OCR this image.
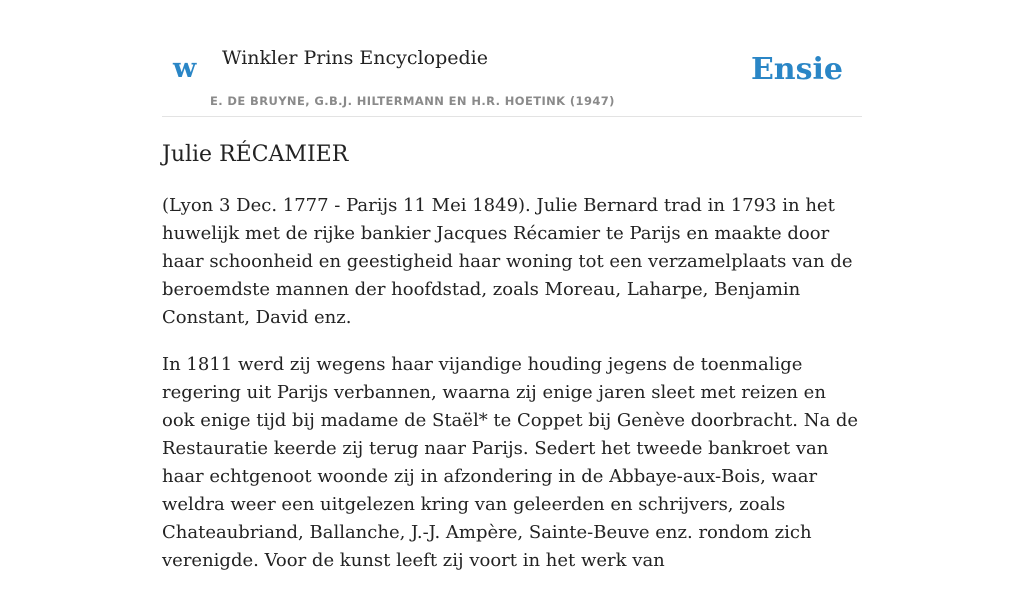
w Winkler Prins Encyclopedie
E. DE BRUYNE, G.B.J. HILTERMANN EN H.R. HOETINK (1947)
Ensie
Julie RÉCAMIER

(Lyon 3 Dec. 1777 - Parijs 11 Mei 1849). Julie Bernard trad in 1793 in het huwelijk met de rijke bankier Jacques Récamier te Parijs en maakte door haar schoonheid en geestigheid haar woning tot een verzamelplaats van de beroemdste mannen der hoofdstad, zoals Moreau, Laharpe, Benjamin Constant, David enz.

In 1811 werd zij wegens haar vijandige houding jegens de toenmalige regering uit Parijs verbannen, waarna zij enige jaren sleet met reizen en ook enige tijd bij madame de Staël* te Coppet bij Genève doorbracht. Na de Restauratie keerde zij terug naar Parijs. Sedert het tweede bankroet van haar echtgenoot woonde zij in afzondering in de Abbaye-aux-Bois, waar weldra weer een uitgelezen kring van geleerden en schrijvers, zoals Chateaubriand, Ballanche, J.-J. Ampère, Sainte-Beuve enz. rondom zich verenigde. Voor de kunst leeft zij voort in het werk van
